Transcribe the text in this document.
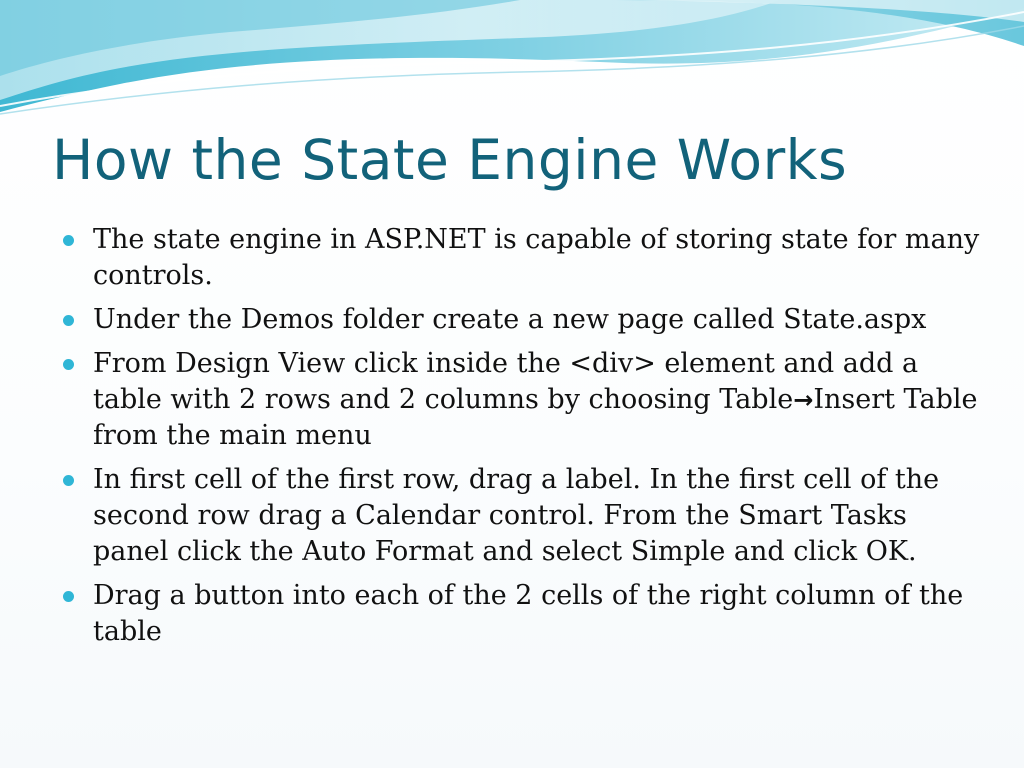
How the State Engine Works
The state engine in ASP.NET is capable of storing state for many controls.
Under the Demos folder create a new page called State.aspx
From Design View click inside the <div> element and add a table with 2 rows and 2 columns by choosing Table→Insert Table from the main menu
In first cell of the first row, drag a label. In the first cell of the second row drag a Calendar control. From the Smart Tasks panel click the Auto Format and select Simple and click OK.
Drag a button into each of the 2 cells of the right column of the table
